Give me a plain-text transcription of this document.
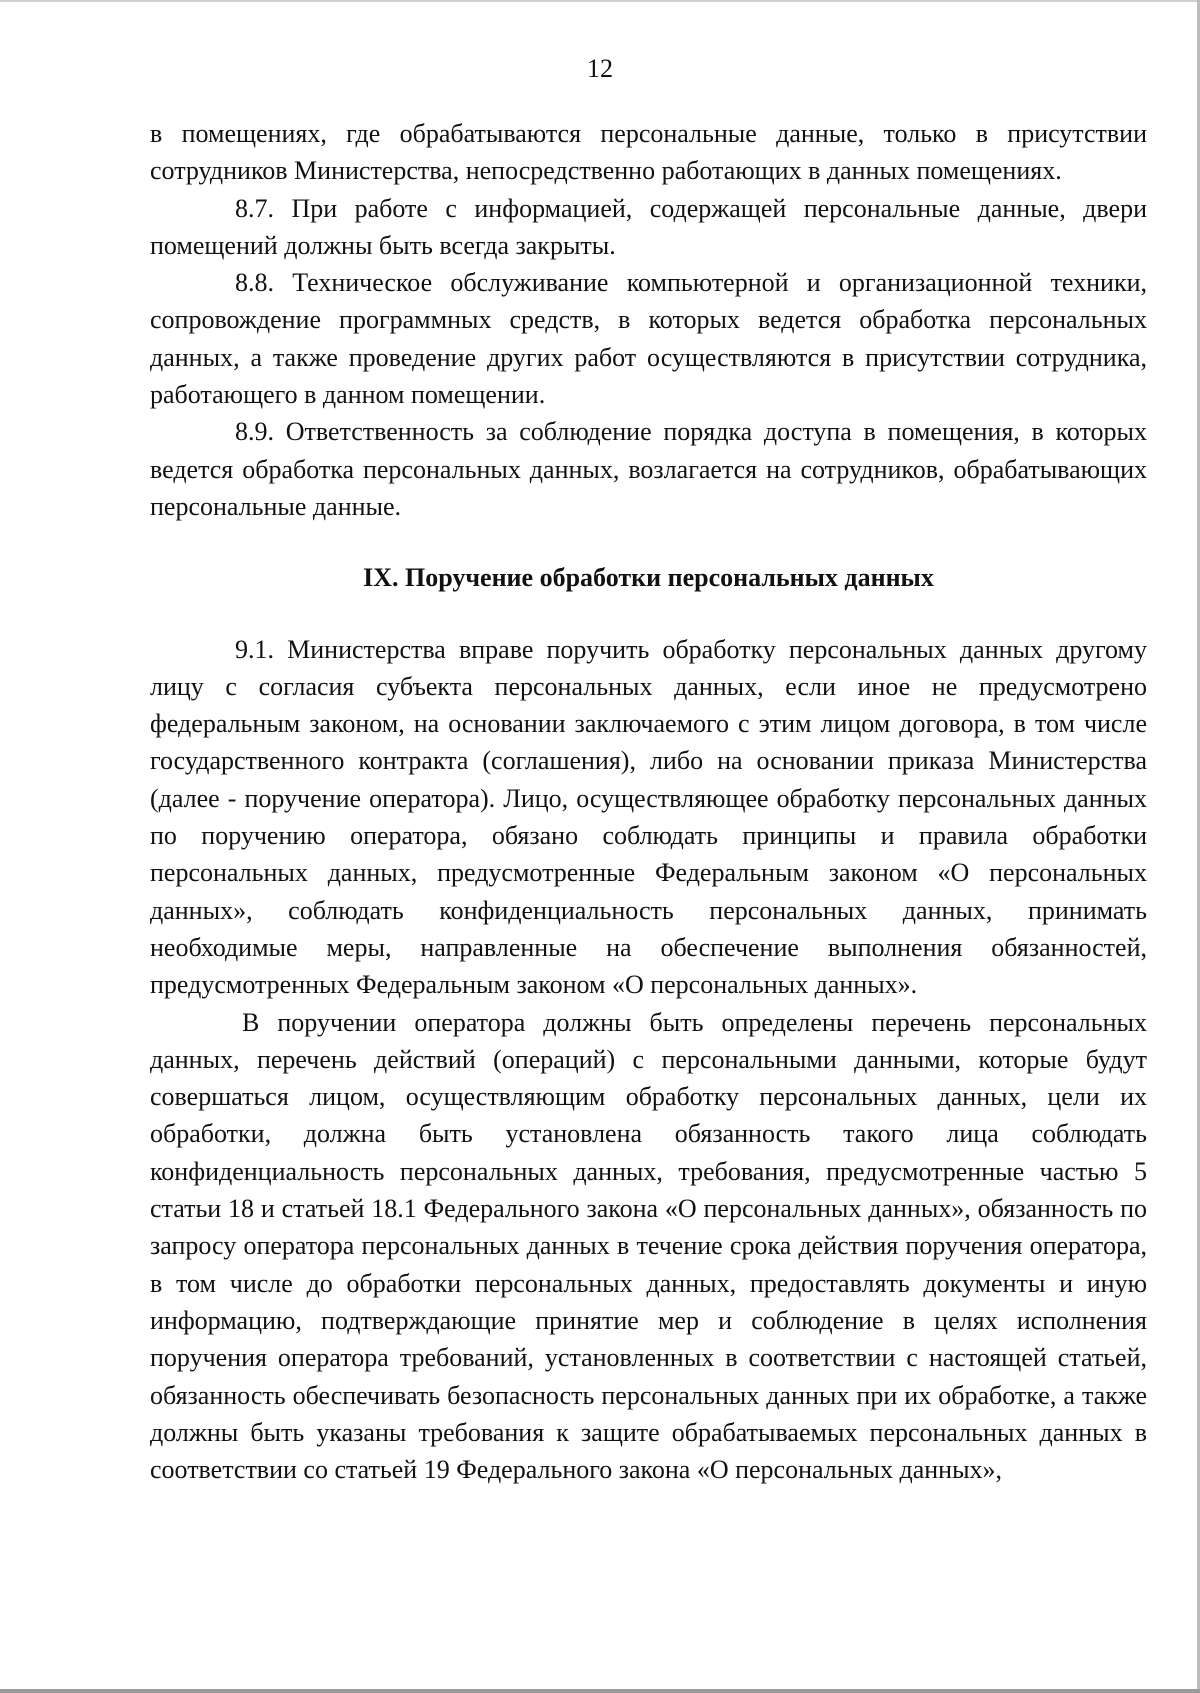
12

в помещениях, где обрабатываются персональные данные, только в присутствии сотрудников Министерства, непосредственно работающих в данных помещениях.

8.7. При работе с информацией, содержащей персональные данные, двери помещений должны быть всегда закрыты.

8.8. Техническое обслуживание компьютерной и организационной техники, сопровождение программных средств, в которых ведется обработка персональных данных, а также проведение других работ осуществляются в присутствии сотрудника, работающего в данном помещении.

8.9. Ответственность за соблюдение порядка доступа в помещения, в которых ведется обработка персональных данных, возлагается на сотрудников, обрабатывающих персональные данные.

IX. Поручение обработки персональных данных

9.1. Министерства вправе поручить обработку персональных данных другому лицу с согласия субъекта персональных данных, если иное не предусмотрено федеральным законом, на основании заключаемого с этим лицом договора, в том числе государственного контракта (соглашения), либо на основании приказа Министерства (далее - поручение оператора). Лицо, осуществляющее обработку персональных данных по поручению оператора, обязано соблюдать принципы и правила обработки персональных данных, предусмотренные Федеральным законом «О персональных данных», соблюдать конфиденциальность персональных данных, принимать необходимые меры, направленные на обеспечение выполнения обязанностей, предусмотренных Федеральным законом «О персональных данных».

В поручении оператора должны быть определены перечень персональных данных, перечень действий (операций) с персональными данными, которые будут совершаться лицом, осуществляющим обработку персональных данных, цели их обработки, должна быть установлена обязанность такого лица соблюдать конфиденциальность персональных данных, требования, предусмотренные частью 5 статьи 18 и статьей 18.1 Федерального закона «О персональных данных», обязанность по запросу оператора персональных данных в течение срока действия поручения оператора, в том числе до обработки персональных данных, предоставлять документы и иную информацию, подтверждающие принятие мер и соблюдение в целях исполнения поручения оператора требований, установленных в соответствии с настоящей статьей, обязанность обеспечивать безопасность персональных данных при их обработке, а также должны быть указаны требования к защите обрабатываемых персональных данных в соответствии со статьей 19 Федерального закона «О персональных данных»,
